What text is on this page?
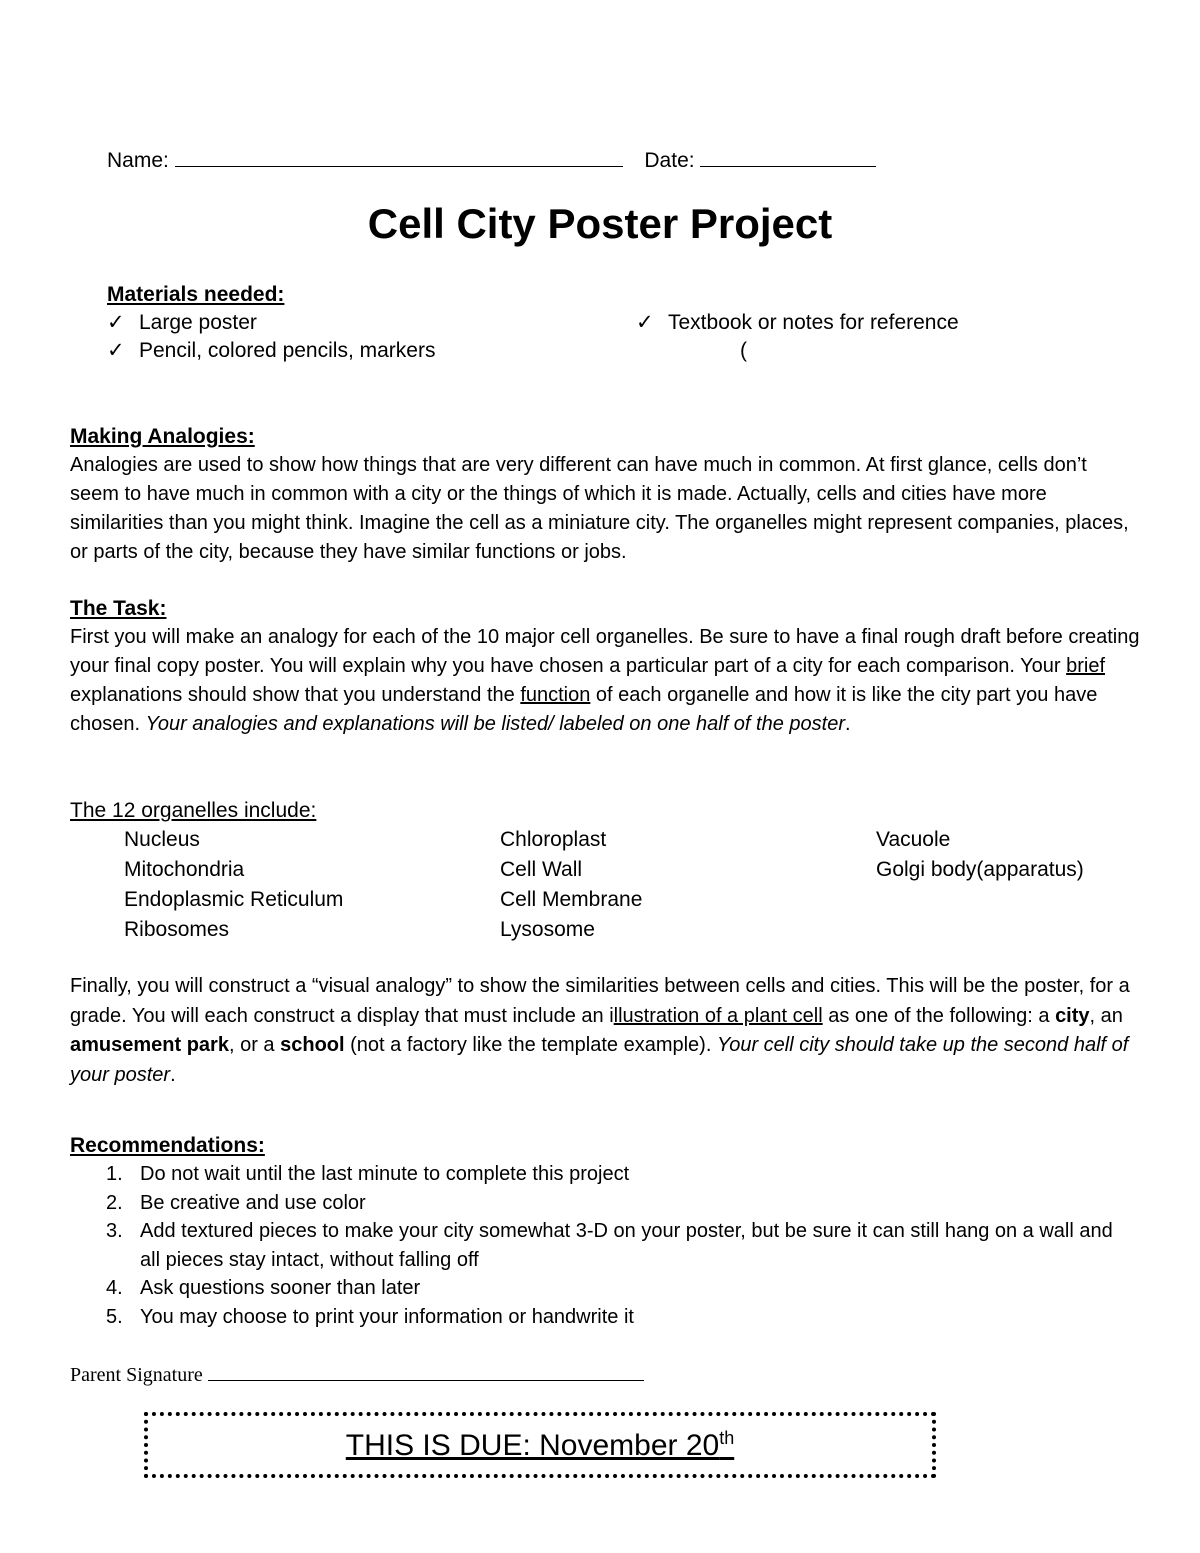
Name:	Date:
Cell City Poster Project
Materials needed:
✓ Large poster
✓ Pencil, colored pencils, markers
✓ Textbook or notes for reference
(
Making Analogies:
Analogies are used to show how things that are very different can have much in common. At first glance, cells don’t seem to have much in common with a city or the things of which it is made. Actually, cells and cities have more similarities than you might think. Imagine the cell as a miniature city. The organelles might represent companies, places, or parts of the city, because they have similar functions or jobs.
The Task:
First you will make an analogy for each of the 10 major cell organelles. Be sure to have a final rough draft before creating your final copy poster. You will explain why you have chosen a particular part of a city for each comparison. Your brief explanations should show that you understand the function of each organelle and how it is like the city part you have chosen. Your analogies and explanations will be listed/ labeled on one half of the poster.
The 12 organelles include:
Nucleus
Mitochondria
Endoplasmic Reticulum
Ribosomes
Chloroplast
Cell Wall
Cell Membrane
Lysosome
Vacuole
Golgi body(apparatus)
Finally, you will construct a “visual analogy” to show the similarities between cells and cities. This will be the poster, for a grade. You will each construct a display that must include an illustration of a plant cell as one of the following: a city, an amusement park, or a school (not a factory like the template example). Your cell city should take up the second half of your poster.
Recommendations:
1. Do not wait until the last minute to complete this project
2. Be creative and use color
3. Add textured pieces to make your city somewhat 3-D on your poster, but be sure it can still hang on a wall and all pieces stay intact, without falling off
4. Ask questions sooner than later
5. You may choose to print your information or handwrite it
Parent Signature
THIS IS DUE: November 20th
